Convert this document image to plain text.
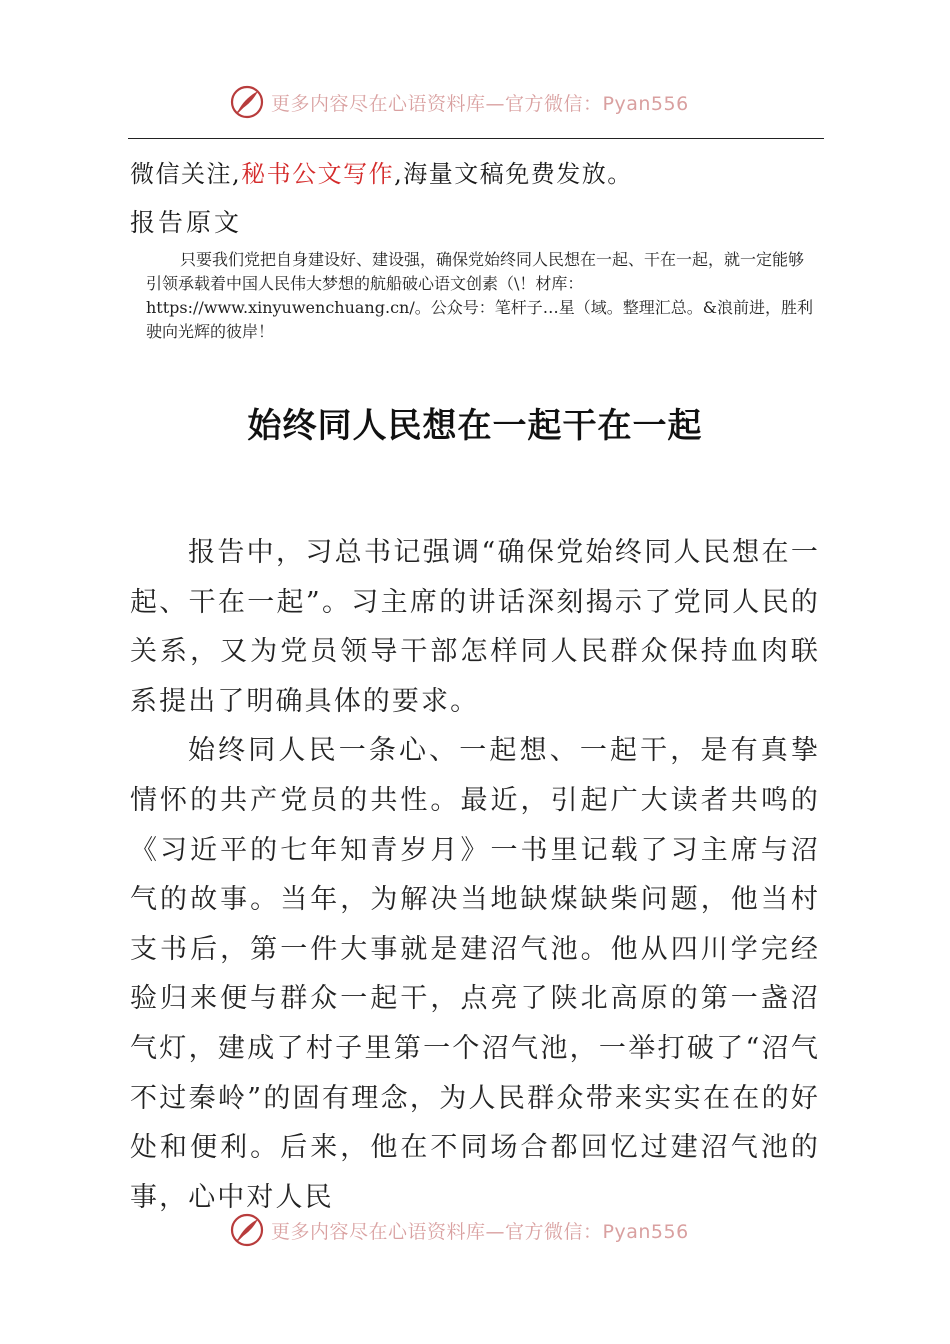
更多内容尽在心语资料库—官方微信：Pyan556
微信关注,秘书公文写作,海量文稿免费发放。
报告原文

只要我们党把自身建设好、建设强，确保党始终同人民想在一起、干在一起，就一定能够引领承载着中国人民伟大梦想的航船破心语文创素（\！材库：https://www.xinyuwenchuang.cn/。公众号：笔杆子…星（域。整理汇总。&浪前进，胜利驶向光辉的彼岸！

始终同人民想在一起干在一起

报告中，习总书记强调“确保党始终同人民想在一起、干在一起”。习主席的讲话深刻揭示了党同人民的关系，又为党员领导干部怎样同人民群众保持血肉联系提出了明确具体的要求。

始终同人民一条心、一起想、一起干，是有真挚情怀的共产党员的共性。最近，引起广大读者共鸣的《习近平的七年知青岁月》一书里记载了习主席与沼气的故事。当年，为解决当地缺煤缺柴问题，他当村支书后，第一件大事就是建沼气池。他从四川学完经验归来便与群众一起干，点亮了陕北高原的第一盏沼气灯，建成了村子里第一个沼气池，一举打破了“沼气不过秦岭”的固有理念，为人民群众带来实实在在的好处和便利。后来，他在不同场合都回忆过建沼气池的事，心中对人民

更多内容尽在心语资料库—官方微信：Pyan556
